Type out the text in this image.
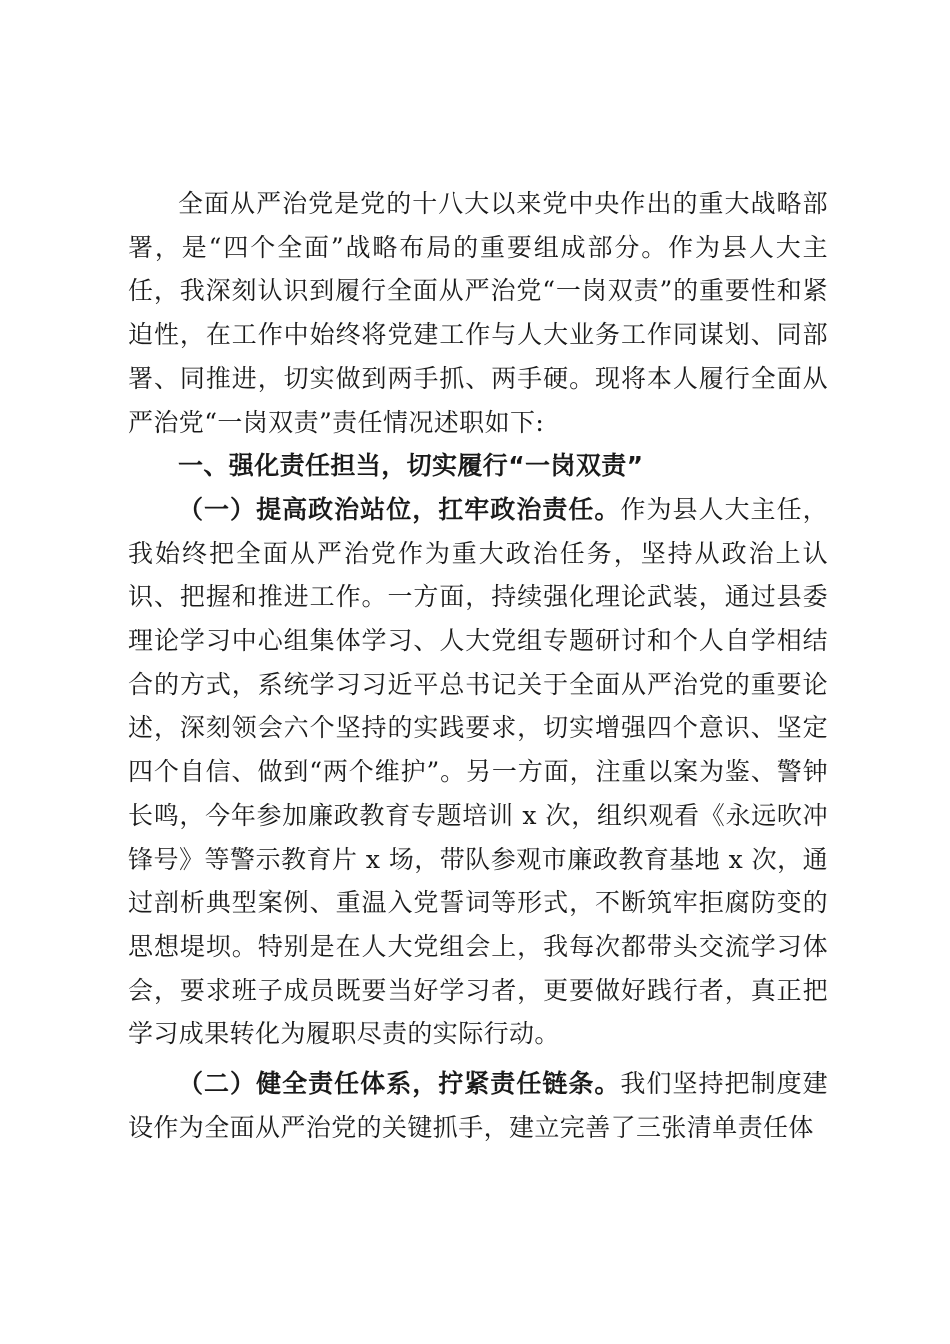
全面从严治党是党的十八大以来党中央作出的重大战略部署，是“四个全面”战略布局的重要组成部分。作为县人大主任，我深刻认识到履行全面从严治党“一岗双责”的重要性和紧迫性，在工作中始终将党建工作与人大业务工作同谋划、同部署、同推进，切实做到两手抓、两手硬。现将本人履行全面从严治党“一岗双责”责任情况述职如下:

一、强化责任担当，切实履行“一岗双责”

（一）提高政治站位，扛牢政治责任。作为县人大主任，我始终把全面从严治党作为重大政治任务，坚持从政治上认识、把握和推进工作。一方面，持续强化理论武装，通过县委理论学习中心组集体学习、人大党组专题研讨和个人自学相结合的方式，系统学习习近平总书记关于全面从严治党的重要论述，深刻领会六个坚持的实践要求，切实增强四个意识、坚定四个自信、做到“两个维护”。另一方面，注重以案为鉴、警钟长鸣，今年参加廉政教育专题培训 x 次，组织观看《永远吹冲锋号》等警示教育片 x 场，带队参观市廉政教育基地 x 次，通过剖析典型案例、重温入党誓词等形式，不断筑牢拒腐防变的思想堤坝。特别是在人大党组会上，我每次都带头交流学习体会，要求班子成员既要当好学习者，更要做好践行者，真正把学习成果转化为履职尽责的实际行动。

（二）健全责任体系，拧紧责任链条。我们坚持把制度建设作为全面从严治党的关键抓手，建立完善了三张清单责任体
